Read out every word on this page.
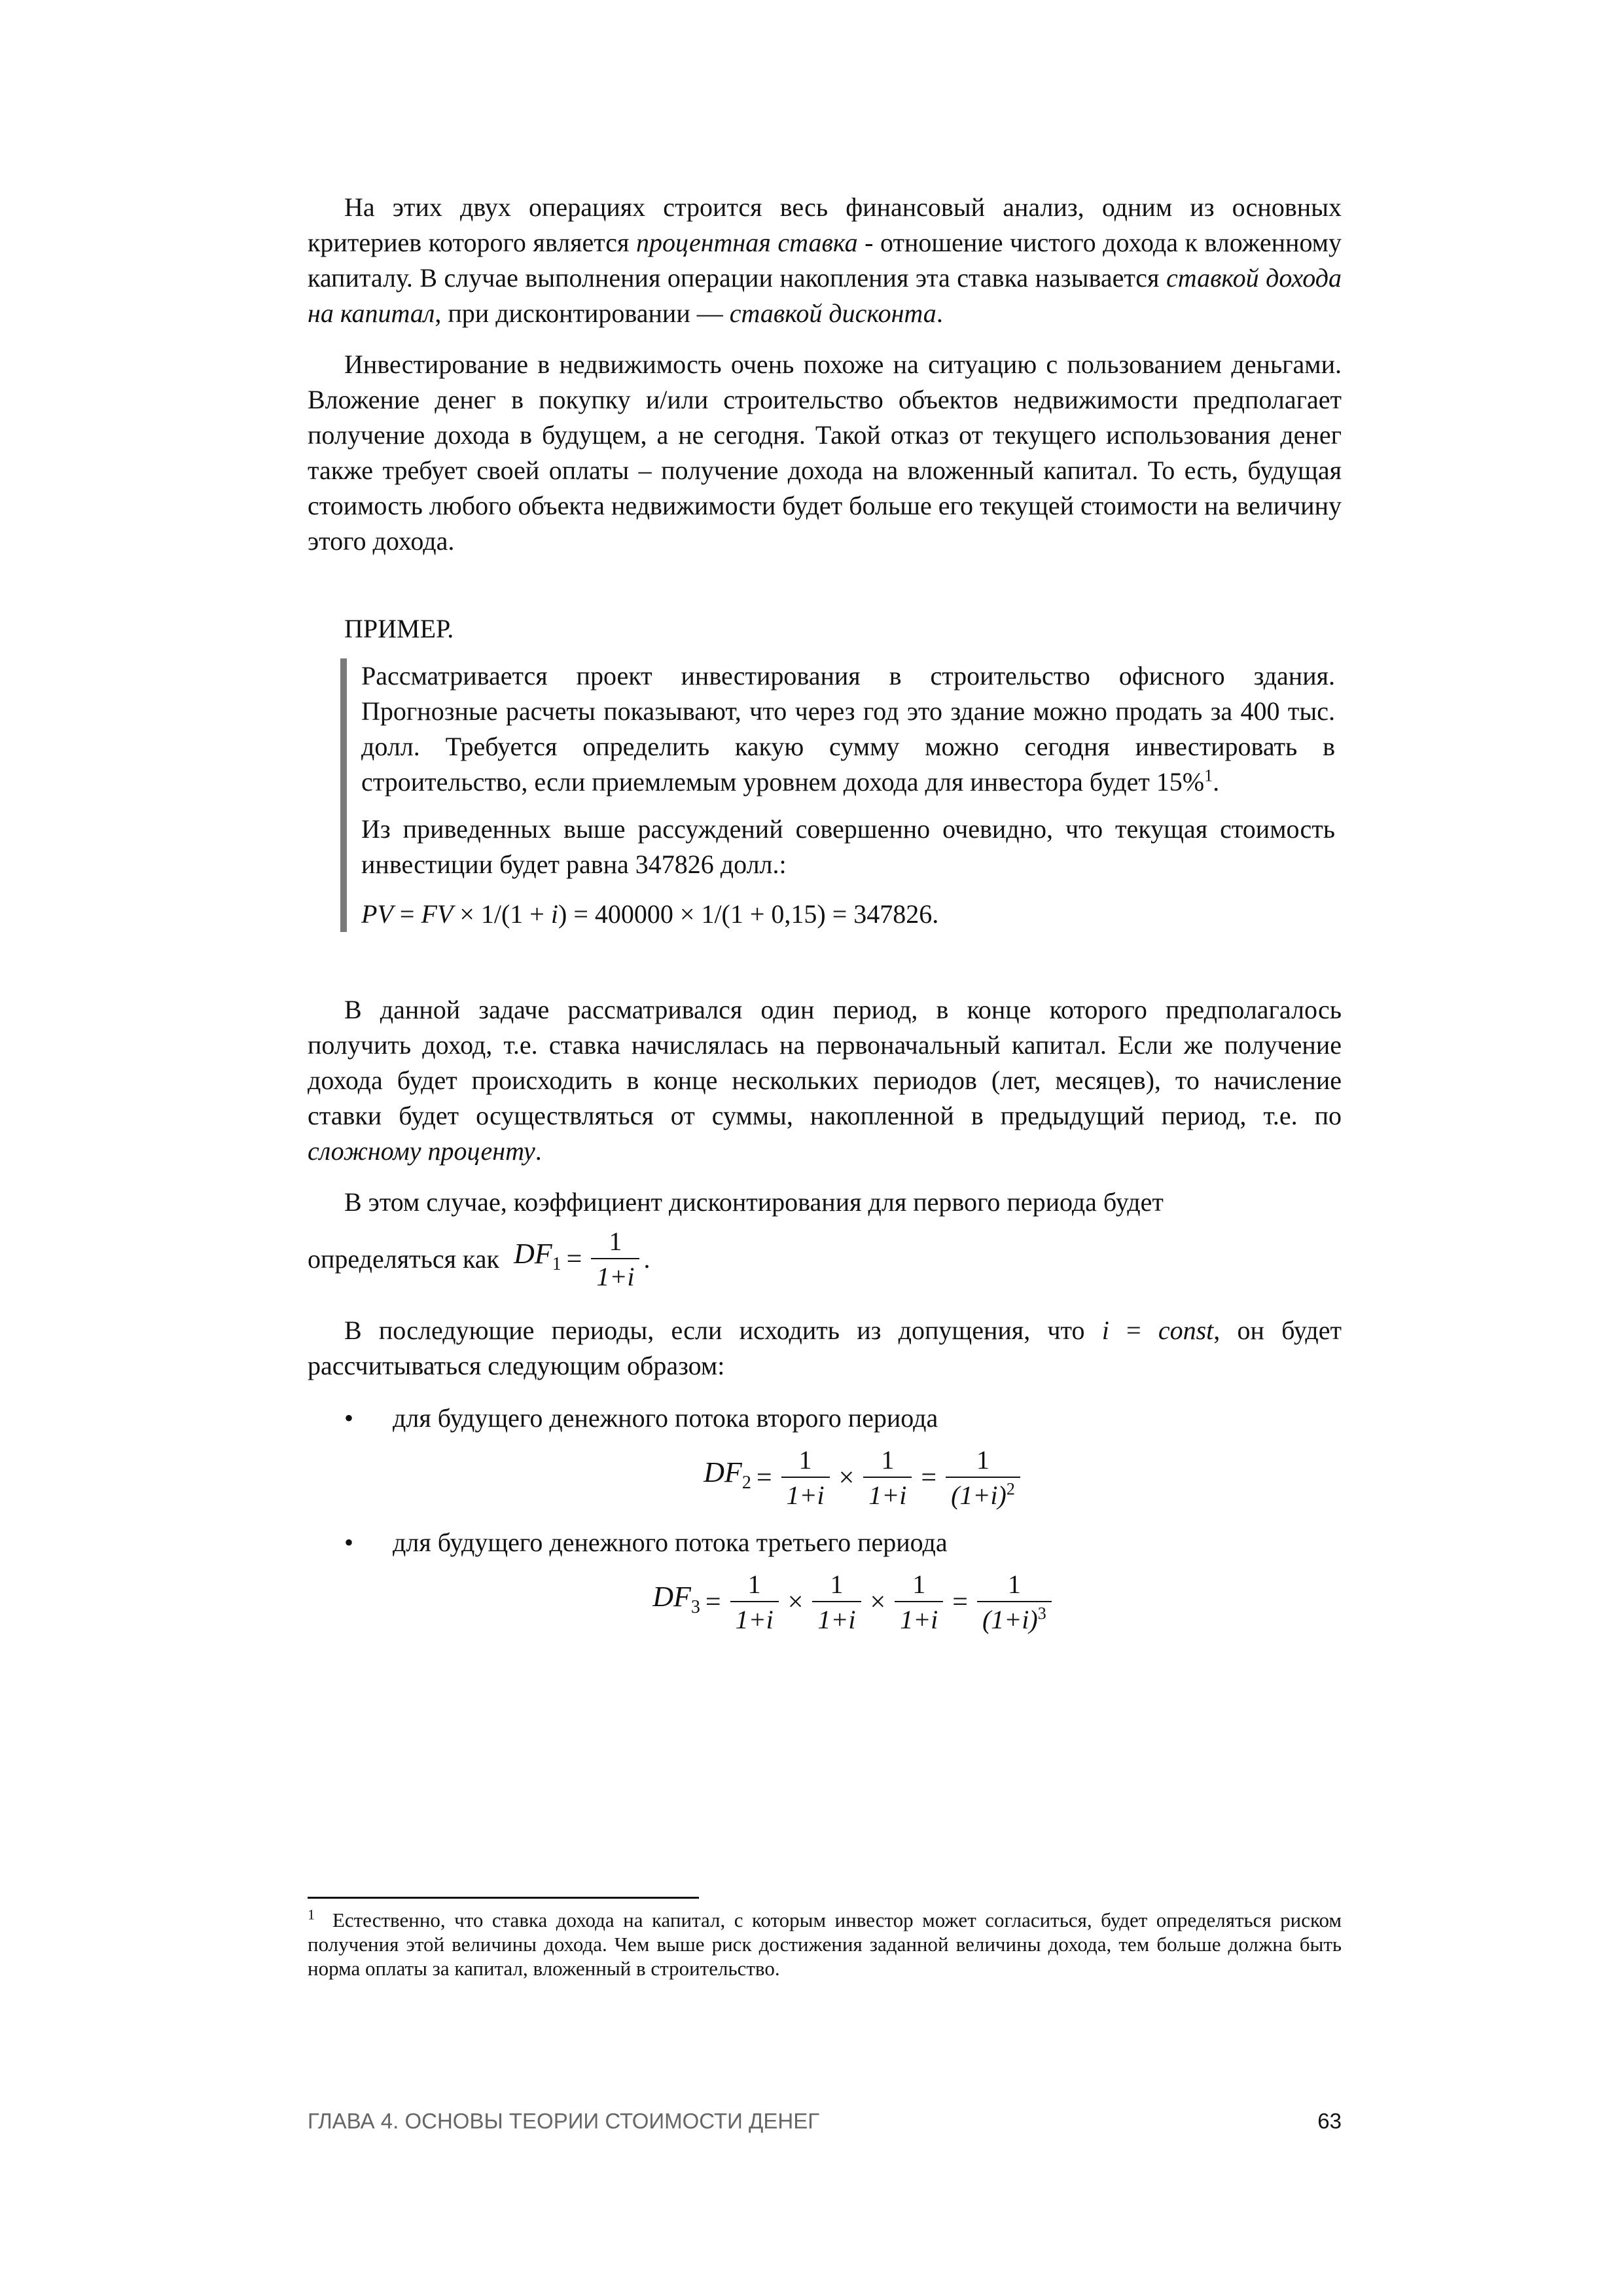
На этих двух операциях строится весь финансовый анализ, одним из основных критериев которого является процентная ставка - отношение чистого дохода к вложенному капиталу. В случае выполнения операции накопления эта ставка называется ставкой дохода на капитал, при дисконтировании — ставкой дисконта.

Инвестирование в недвижимость очень похоже на ситуацию с пользованием деньгами. Вложение денег в покупку и/или строительство объектов недвижимости предполагает получение дохода в будущем, а не сегодня. Такой отказ от текущего использования денег также требует своей оплаты – получение дохода на вложенный капитал. То есть, будущая стоимость любого объекта недвижимости будет больше его текущей стоимости на величину этого дохода.

ПРИМЕР.

Рассматривается проект инвестирования в строительство офисного здания. Прогнозные расчеты показывают, что через год это здание можно продать за 400 тыс. долл. Требуется определить какую сумму можно сегодня инвестировать в строительство, если приемлемым уровнем дохода для инвестора будет 15%$^1$.

Из приведенных выше рассуждений совершенно очевидно, что текущая стоимость инвестиции будет равна 347826 долл.:

PV = FV × 1/(1 + i) = 400000 × 1/(1 + 0,15) = 347826.

В данной задаче рассматривался один период, в конце которого предполагалось получить доход, т.е. ставка начислялась на первоначальный капитал. Если же получение дохода будет происходить в конце нескольких периодов (лет, месяцев), то начисление ставки будет осуществляться от суммы, накопленной в предыдущий период, т.е. по сложному проценту.

В этом случае, коэффициент дисконтирования для первого периода будет

определяться как $DF_1 = \frac{1}{1+i}$ .

В последующие периоды, если исходить из допущения, что i = const, он будет рассчитываться следующим образом:

• для будущего денежного потока второго периода
$DF_2 = \frac{1}{1+i} \times \frac{1}{1+i} = \frac{1}{(1+i)^2}$
• для будущего денежного потока третьего периода
$DF_3 = \frac{1}{1+i} \times \frac{1}{1+i} \times \frac{1}{1+i} = \frac{1}{(1+i)^3}$
$^1$ Естественно, что ставка дохода на капитал, с которым инвестор может согласиться, будет определяться риском получения этой величины дохода. Чем выше риск достижения заданной величины дохода, тем больше должна быть норма оплаты за капитал, вложенный в строительство.
ГЛАВА 4. ОСНОВЫ ТЕОРИИ СТОИМОСТИ ДЕНЕГ	63
